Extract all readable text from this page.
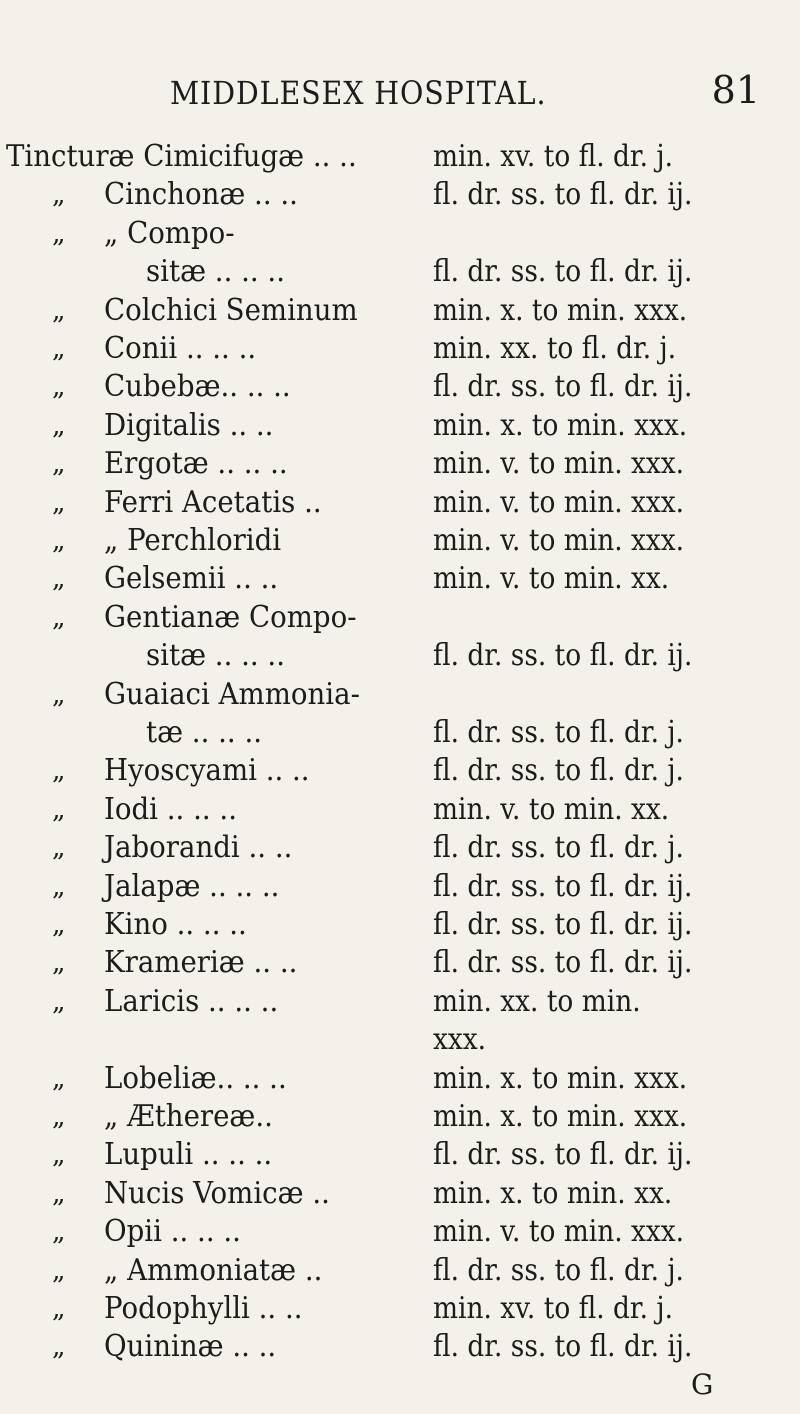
MIDDLESEX HOSPITAL.	81
Tincturæ Cimicifugæ .. ..	min. xv. to fl. dr. j.
„ Cinchonæ .. ..	fl. dr. ss. to fl. dr. ij.
„ „ Compo-
sitæ .. .. ..	fl. dr. ss. to fl. dr. ij.
„ Colchici Seminum	min. x. to min. xxx.
„ Conii .. .. ..	min. xx. to fl. dr. j.
„ Cubebæ.. .. ..	fl. dr. ss. to fl. dr. ij.
„ Digitalis .. ..	min. x. to min. xxx.
„ Ergotæ .. .. ..	min. v. to min. xxx.
„ Ferri Acetatis ..	min. v. to min. xxx.
„ „ Perchloridi	min. v. to min. xxx.
„ Gelsemii .. ..	min. v. to min. xx.
„ Gentianæ Compo-
sitæ .. .. ..	fl. dr. ss. to fl. dr. ij.
„ Guaiaci Ammonia-
tæ .. .. ..	fl. dr. ss. to fl. dr. j.
„ Hyoscyami .. ..	fl. dr. ss. to fl. dr. j.
„ Iodi .. .. ..	min. v. to min. xx.
„ Jaborandi .. ..	fl. dr. ss. to fl. dr. j.
„ Jalapæ .. .. ..	fl. dr. ss. to fl. dr. ij.
„ Kino .. .. ..	fl. dr. ss. to fl. dr. ij.
„ Krameriæ .. ..	fl. dr. ss. to fl. dr. ij.
„ Laricis .. .. ..	min. xx. to min.
xxx.
„ Lobeliæ.. .. ..	min. x. to min. xxx.
„ „ Æthereæ..	min. x. to min. xxx.
„ Lupuli .. .. ..	fl. dr. ss. to fl. dr. ij.
„ Nucis Vomicæ ..	min. x. to min. xx.
„ Opii .. .. ..	min. v. to min. xxx.
„ „ Ammoniatæ ..	fl. dr. ss. to fl. dr. j.
„ Podophylli .. ..	min. xv. to fl. dr. j.
„ Quininæ .. ..	fl. dr. ss. to fl. dr. ij.
G
